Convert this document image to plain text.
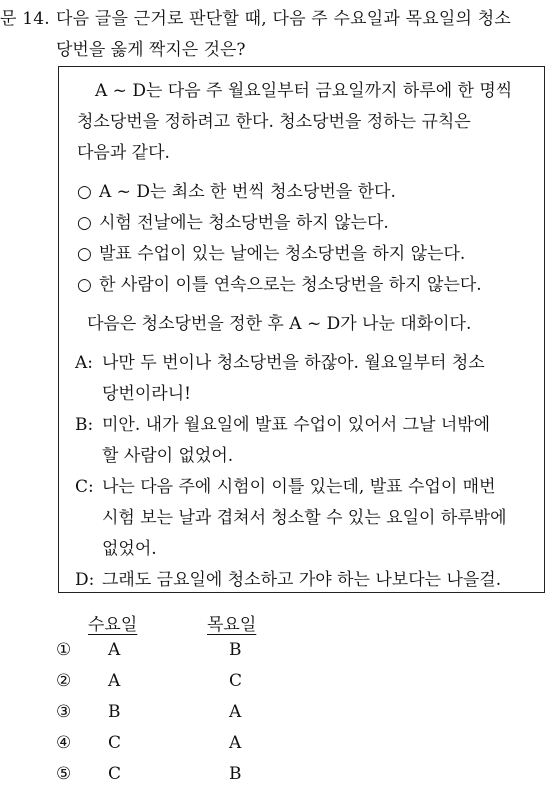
문 14. 다음 글을 근거로 판단할 때, 다음 주 수요일과 목요일의 청소
당번을 옳게 짝지은 것은?
A ~ D는 다음 주 월요일부터 금요일까지 하루에 한 명씩
청소당번을 정하려고 한다. 청소당번을 정하는 규칙은
다음과 같다.
○ A ~ D는 최소 한 번씩 청소당번을 한다.
○ 시험 전날에는 청소당번을 하지 않는다.
○ 발표 수업이 있는 날에는 청소당번을 하지 않는다.
○ 한 사람이 이틀 연속으로는 청소당번을 하지 않는다.
다음은 청소당번을 정한 후 A ~ D가 나눈 대화이다.
A: 나만 두 번이나 청소당번을 하잖아. 월요일부터 청소
당번이라니!
B: 미안. 내가 월요일에 발표 수업이 있어서 그날 너밖에
할 사람이 없었어.
C: 나는 다음 주에 시험이 이틀 있는데, 발표 수업이 매번
시험 보는 날과 겹쳐서 청소할 수 있는 요일이 하루밖에
없었어.
D: 그래도 금요일에 청소하고 가야 하는 나보다는 나을걸.
수요일	목요일
① A	B
② A	C
③ B	A
④ C	A
⑤ C	B
